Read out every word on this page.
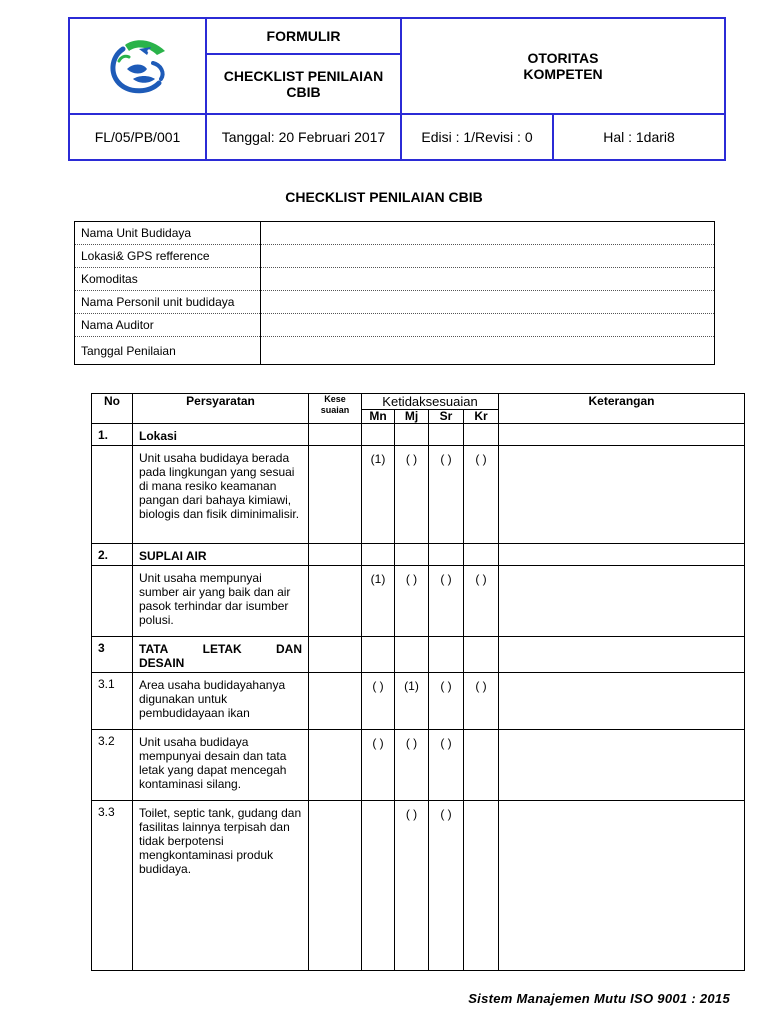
	FORMULIR	OTORITAS
KOMPETEN	

	CHECKLIST PENILAIAN CBIB		
FL/05/PB/001	Tanggal: 20 Februari 2017	Edisi : 1/Revisi : 0	Hal : 1dari8
CHECKLIST PENILAIAN CBIB
Nama Unit Budidaya	
Lokasi& GPS refference	
Komoditas	
Nama Personil unit budidaya	
Nama Auditor	
Tanggal Penilaian	
No	Persyaratan	Kese
suaian	Ketidaksesuaian				Keterangan
			Mn	Mj	Sr	Kr	
1.	Lokasi						
	Unit usaha budidaya berada pada lingkungan yang sesuai di mana resiko keamanan pangan dari bahaya kimiawi, biologis dan fisik diminimalisir.		(1)	( )	( )	( )	
2.	SUPLAI AIR						
	Unit usaha mempunyai sumber air yang baik dan air pasok terhindar dar isumber polusi.		(1)	( )	( )	( )	
3	TATA LETAK DAN
DESAIN						

3.1	Area usaha budidayahanya digunakan untuk pembudidayaan ikan		( )	(1)	( )	( )	
3.2	Unit usaha budidaya mempunyai desain dan tata letak yang dapat mencegah kontaminasi silang.		( )	( )	( )		
3.3	Toilet, septic tank, gudang dan fasilitas lainnya terpisah dan tidak berpotensi mengkontaminasi produk budidaya.			( )	( )		
Sistem Manajemen Mutu ISO 9001 : 2015
